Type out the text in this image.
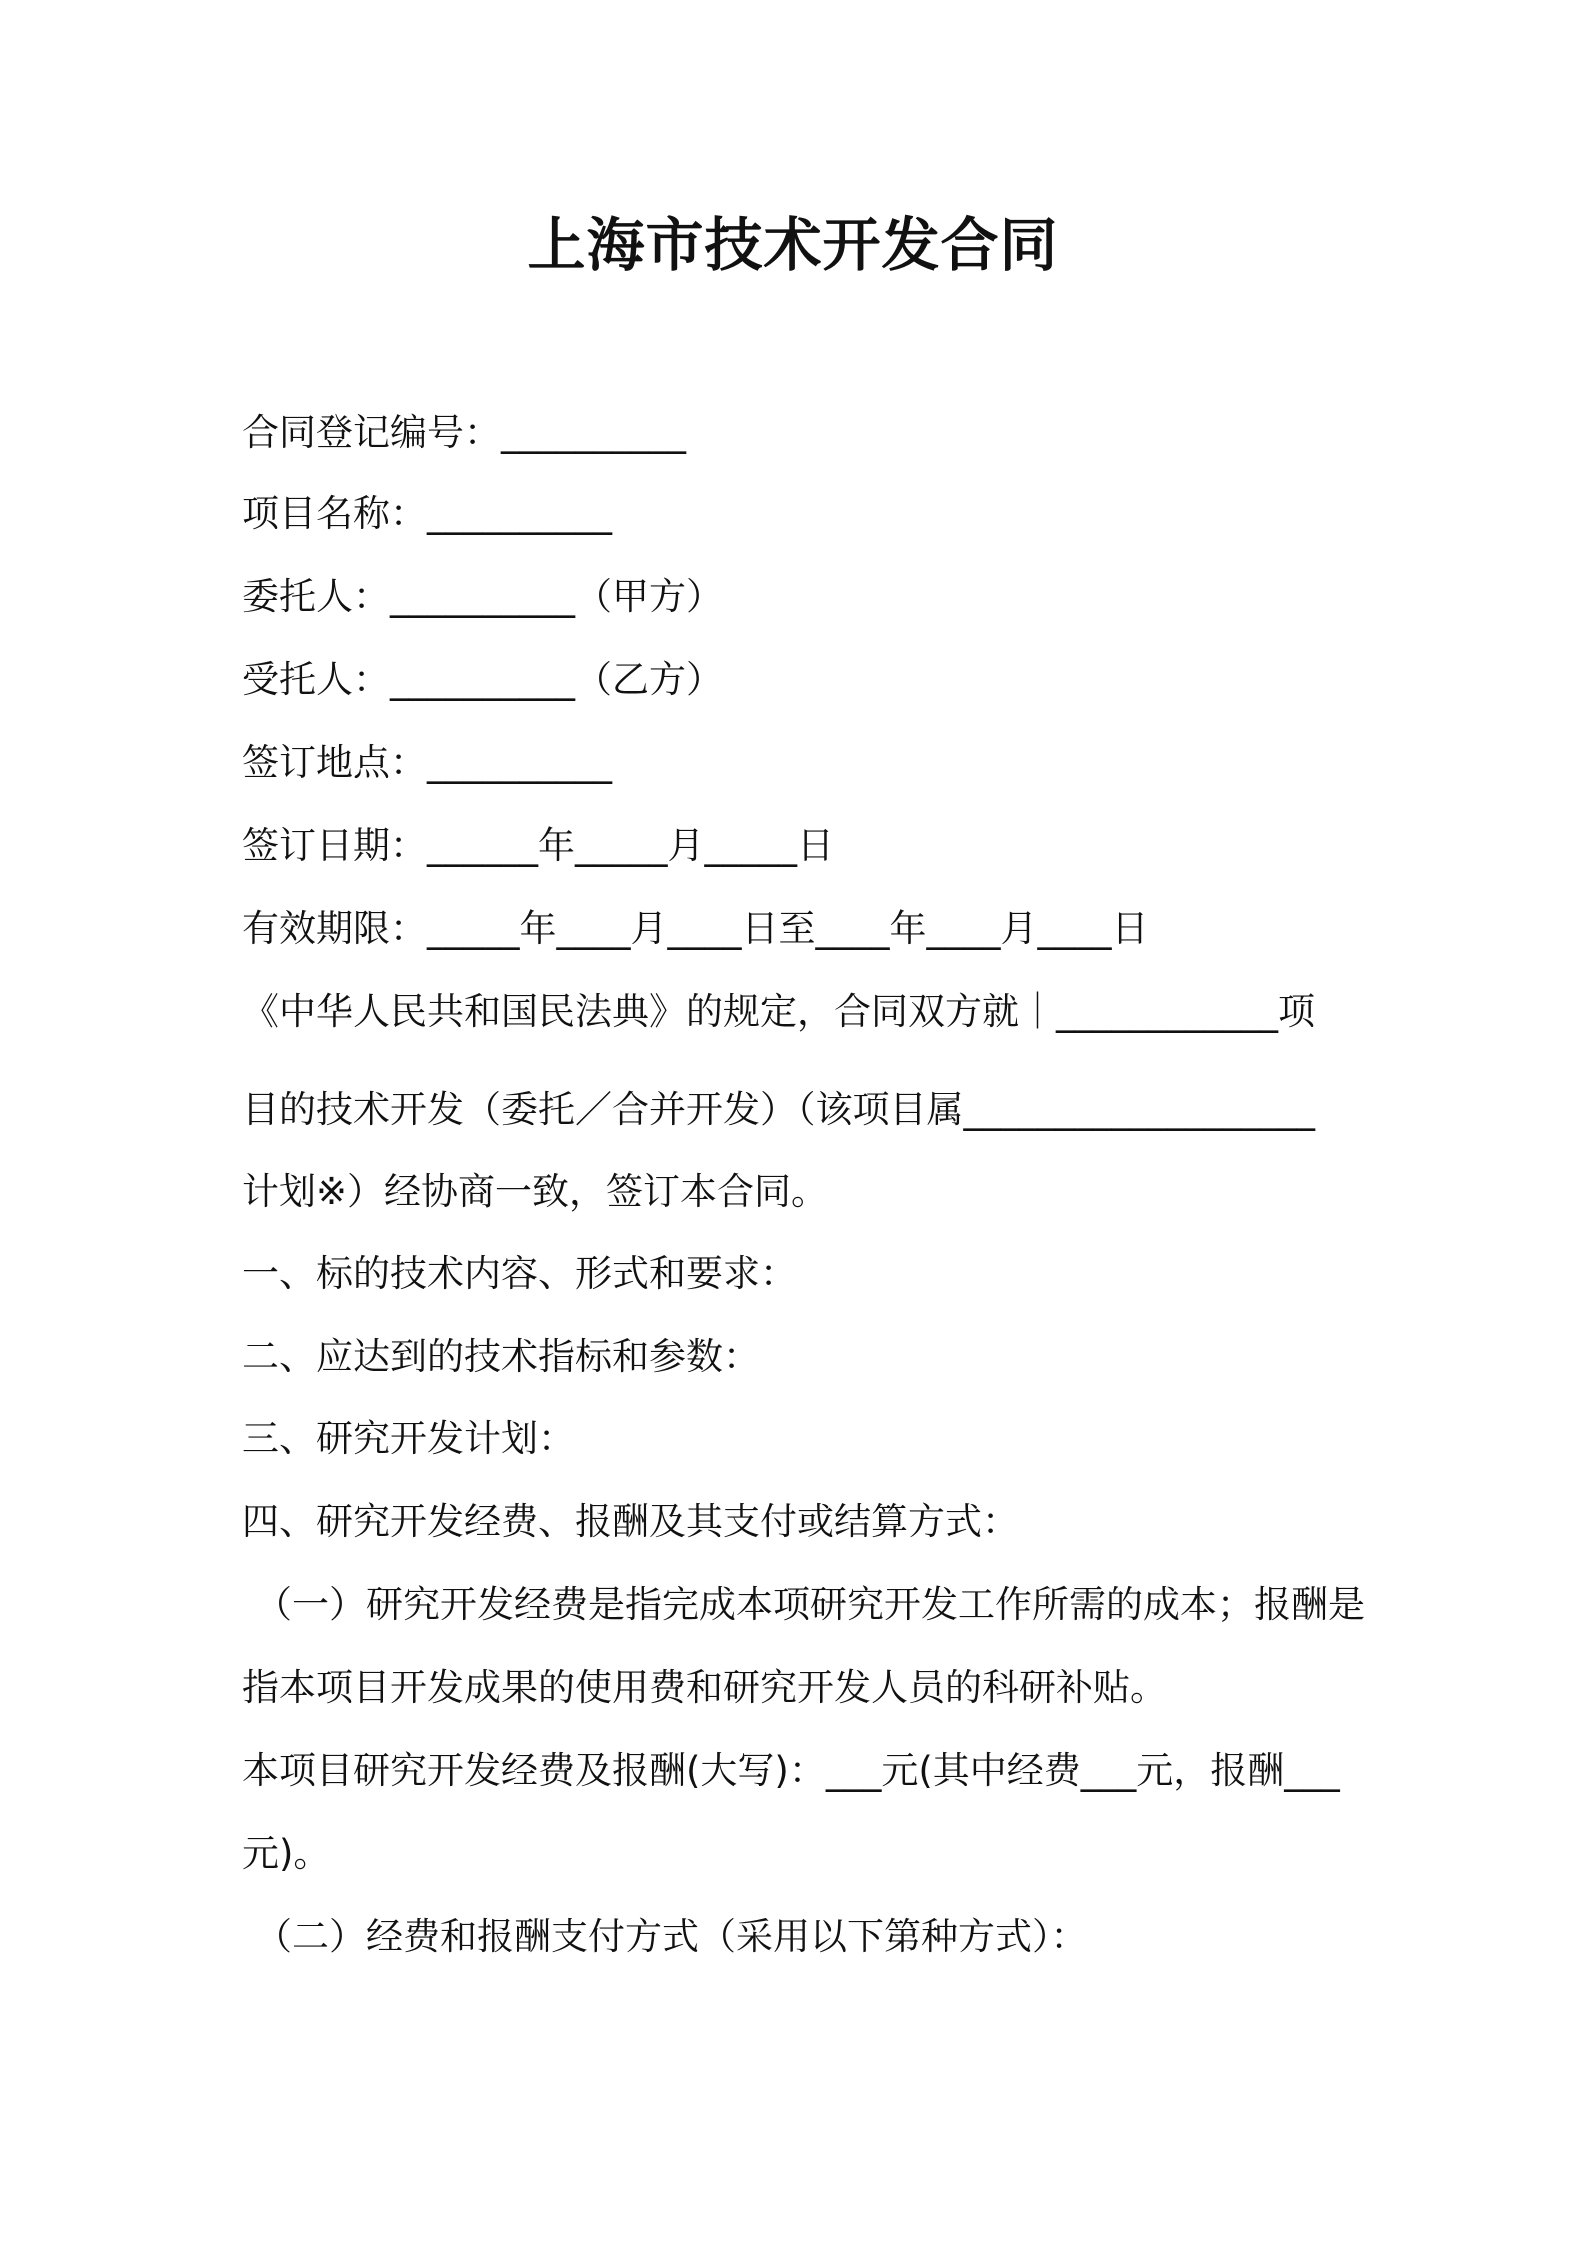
上海市技术开发合同
合同登记编号：__________
项目名称：__________
委托人：__________（甲方）
受托人：__________（乙方）
签订地点：__________
签订日期：______年_____月_____日
有效期限：_____年____月____日至____年____月____日
《中华人民共和国民法典》的规定，合同双方就｜____________项
目的技术开发（委托／合并开发）（该项目属___________________
计划※）经协商一致，签订本合同。
一、标的技术内容、形式和要求：
二、应达到的技术指标和参数：
三、研究开发计划：
四、研究开发经费、报酬及其支付或结算方式：
（一）研究开发经费是指完成本项研究开发工作所需的成本；报酬是
指本项目开发成果的使用费和研究开发人员的科研补贴。
本项目研究开发经费及报酬(大写)：___元(其中经费___元，报酬___
元)。
（二）经费和报酬支付方式（采用以下第种方式）：
